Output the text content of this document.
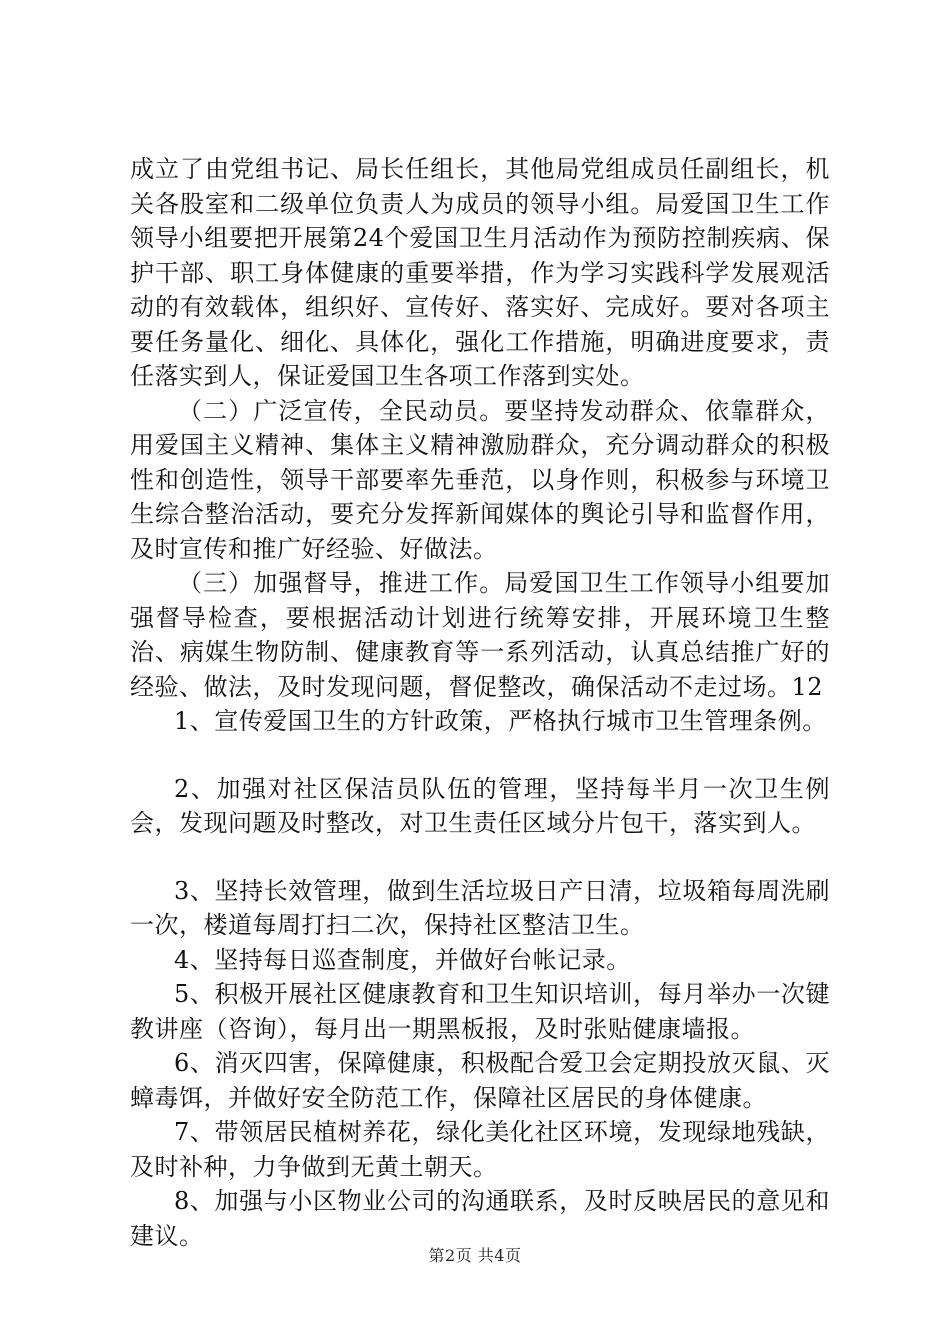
成立了由党组书记、局长任组长，其他局党组成员任副组长，机关各股室和二级单位负责人为成员的领导小组。局爱国卫生工作领导小组要把开展第24个爱国卫生月活动作为预防控制疾病、保护干部、职工身体健康的重要举措，作为学习实践科学发展观活动的有效载体，组织好、宣传好、落实好、完成好。要对各项主要任务量化、细化、具体化，强化工作措施，明确进度要求，责任落实到人，保证爱国卫生各项工作落到实处。

（二）广泛宣传，全民动员。要坚持发动群众、依靠群众，用爱国主义精神、集体主义精神激励群众，充分调动群众的积极性和创造性，领导干部要率先垂范，以身作则，积极参与环境卫生综合整治活动，要充分发挥新闻媒体的舆论引导和监督作用，及时宣传和推广好经验、好做法。

（三）加强督导，推进工作。局爱国卫生工作领导小组要加强督导检查，要根据活动计划进行统筹安排，开展环境卫生整治、病媒生物防制、健康教育等一系列活动，认真总结推广好的经验、做法，及时发现问题，督促整改，确保活动不走过场。12

1、宣传爱国卫生的方针政策，严格执行城市卫生管理条例。

2、加强对社区保洁员队伍的管理，坚持每半月一次卫生例会，发现问题及时整改，对卫生责任区域分片包干，落实到人。

3、坚持长效管理，做到生活垃圾日产日清，垃圾箱每周洗刷一次，楼道每周打扫二次，保持社区整洁卫生。

4、坚持每日巡查制度，并做好台帐记录。

5、积极开展社区健康教育和卫生知识培训，每月举办一次键教讲座（咨询），每月出一期黑板报，及时张贴健康墙报。

6、消灭四害，保障健康，积极配合爱卫会定期投放灭鼠、灭蟑毒饵，并做好安全防范工作，保障社区居民的身体健康。

7、带领居民植树养花，绿化美化社区环境，发现绿地残缺，及时补种，力争做到无黄土朝天。

8、加强与小区物业公司的沟通联系，及时反映居民的意见和建议。

第2页 共4页
